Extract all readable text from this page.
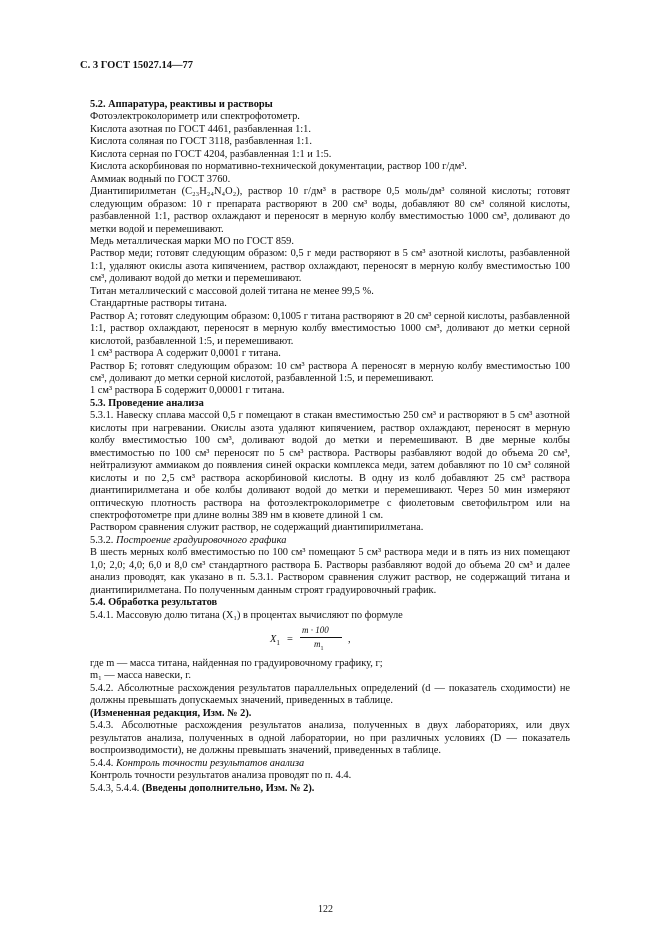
С. 3 ГОСТ 15027.14—77

5.2. Аппаратура, реактивы и растворы

Фотоэлектроколориметр или спектрофотометр.

Кислота азотная по ГОСТ 4461, разбавленная 1:1.

Кислота соляная по ГОСТ 3118, разбавленная 1:1.

Кислота серная по ГОСТ 4204, разбавленная 1:1 и 1:5.

Кислота аскорбиновая по нормативно-технической документации, раствор 100 г/дм³.

Аммиак водный по ГОСТ 3760.

Диантипирилметан (C₂₃H₂₄N₄O₂), раствор 10 г/дм³ в растворе 0,5 моль/дм³ соляной кислоты; готовят следующим образом: 10 г препарата растворяют в 200 см³ воды, добавляют 80 см³ соляной кислоты, разбавленной 1:1, раствор охлаждают и переносят в мерную колбу вместимостью 1000 см³, доливают до метки водой и перемешивают.

Медь металлическая марки МО по ГОСТ 859.

Раствор меди; готовят следующим образом: 0,5 г меди растворяют в 5 см³ азотной кислоты, разбавленной 1:1, удаляют окислы азота кипячением, раствор охлаждают, переносят в мерную колбу вместимостью 100 см³, доливают водой до метки и перемешивают.

Титан металлический с массовой долей титана не менее 99,5 %.

Стандартные растворы титана.

Раствор А; готовят следующим образом: 0,1005 г титана растворяют в 20 см³ серной кислоты, разбавленной 1:1, раствор охлаждают, переносят в мерную колбу вместимостью 1000 см³, доливают до метки серной кислотой, разбавленной 1:5, и перемешивают.

1 см³ раствора А содержит 0,0001 г титана.

Раствор Б; готовят следующим образом: 10 см³ раствора А переносят в мерную колбу вместимостью 100 см³, доливают до метки серной кислотой, разбавленной 1:5, и перемешивают.

1 см³ раствора Б содержит 0,00001 г титана.

5.3. Проведение анализа

5.3.1. Навеску сплава массой 0,5 г помещают в стакан вместимостью 250 см³ и растворяют в 5 см³ азотной кислоты при нагревании. Окислы азота удаляют кипячением, раствор охлаждают, переносят в мерную колбу вместимостью 100 см³, доливают водой до метки и перемешивают. В две мерные колбы вместимостью по 100 см³ переносят по 5 см³ раствора. Растворы разбавляют водой до объема 20 см³, нейтрализуют аммиаком до появления синей окраски комплекса меди, затем добавляют по 10 см³ соляной кислоты и по 2,5 см³ раствора аскорбиновой кислоты. В одну из колб добавляют 25 см³ раствора диантипирилметана и обе колбы доливают водой до метки и перемешивают. Через 50 мин измеряют оптическую плотность раствора на фотоэлектроколориметре с фиолетовым светофильтром или на спектрофотометре при длине волны 389 нм в кювете длиной 1 см.

Раствором сравнения служит раствор, не содержащий диантипирилметана.

5.3.2. Построение градуировочного графика

В шесть мерных колб вместимостью по 100 см³ помещают 5 см³ раствора меди и в пять из них помещают 1,0; 2,0; 4,0; 6,0 и 8,0 см³ стандартного раствора Б. Растворы разбавляют водой до объема 20 см³ и далее анализ проводят, как указано в п. 5.3.1. Раствором сравнения служит раствор, не содержащий титана и диантипирилметана. По полученным данным строят градуировочный график.

5.4. Обработка результатов

5.4.1. Массовую долю титана (X₁) в процентах вычисляют по формуле

$X_1$ =
m · 100
$m_1$
,

где m — масса титана, найденная по градуировочному графику, г;

m₁ — масса навески, г.

5.4.2. Абсолютные расхождения результатов параллельных определений (d — показатель сходимости) не должны превышать допускаемых значений, приведенных в таблице.

(Измененная редакция, Изм. № 2).

5.4.3. Абсолютные расхождения результатов анализа, полученных в двух лабораториях, или двух результатов анализа, полученных в одной лаборатории, но при различных условиях (D — показатель воспроизводимости), не должны превышать значений, приведенных в таблице.

5.4.4. Контроль точности результатов анализа

Контроль точности результатов анализа проводят по п. 4.4.

5.4.3, 5.4.4. (Введены дополнительно, Изм. № 2).

122
